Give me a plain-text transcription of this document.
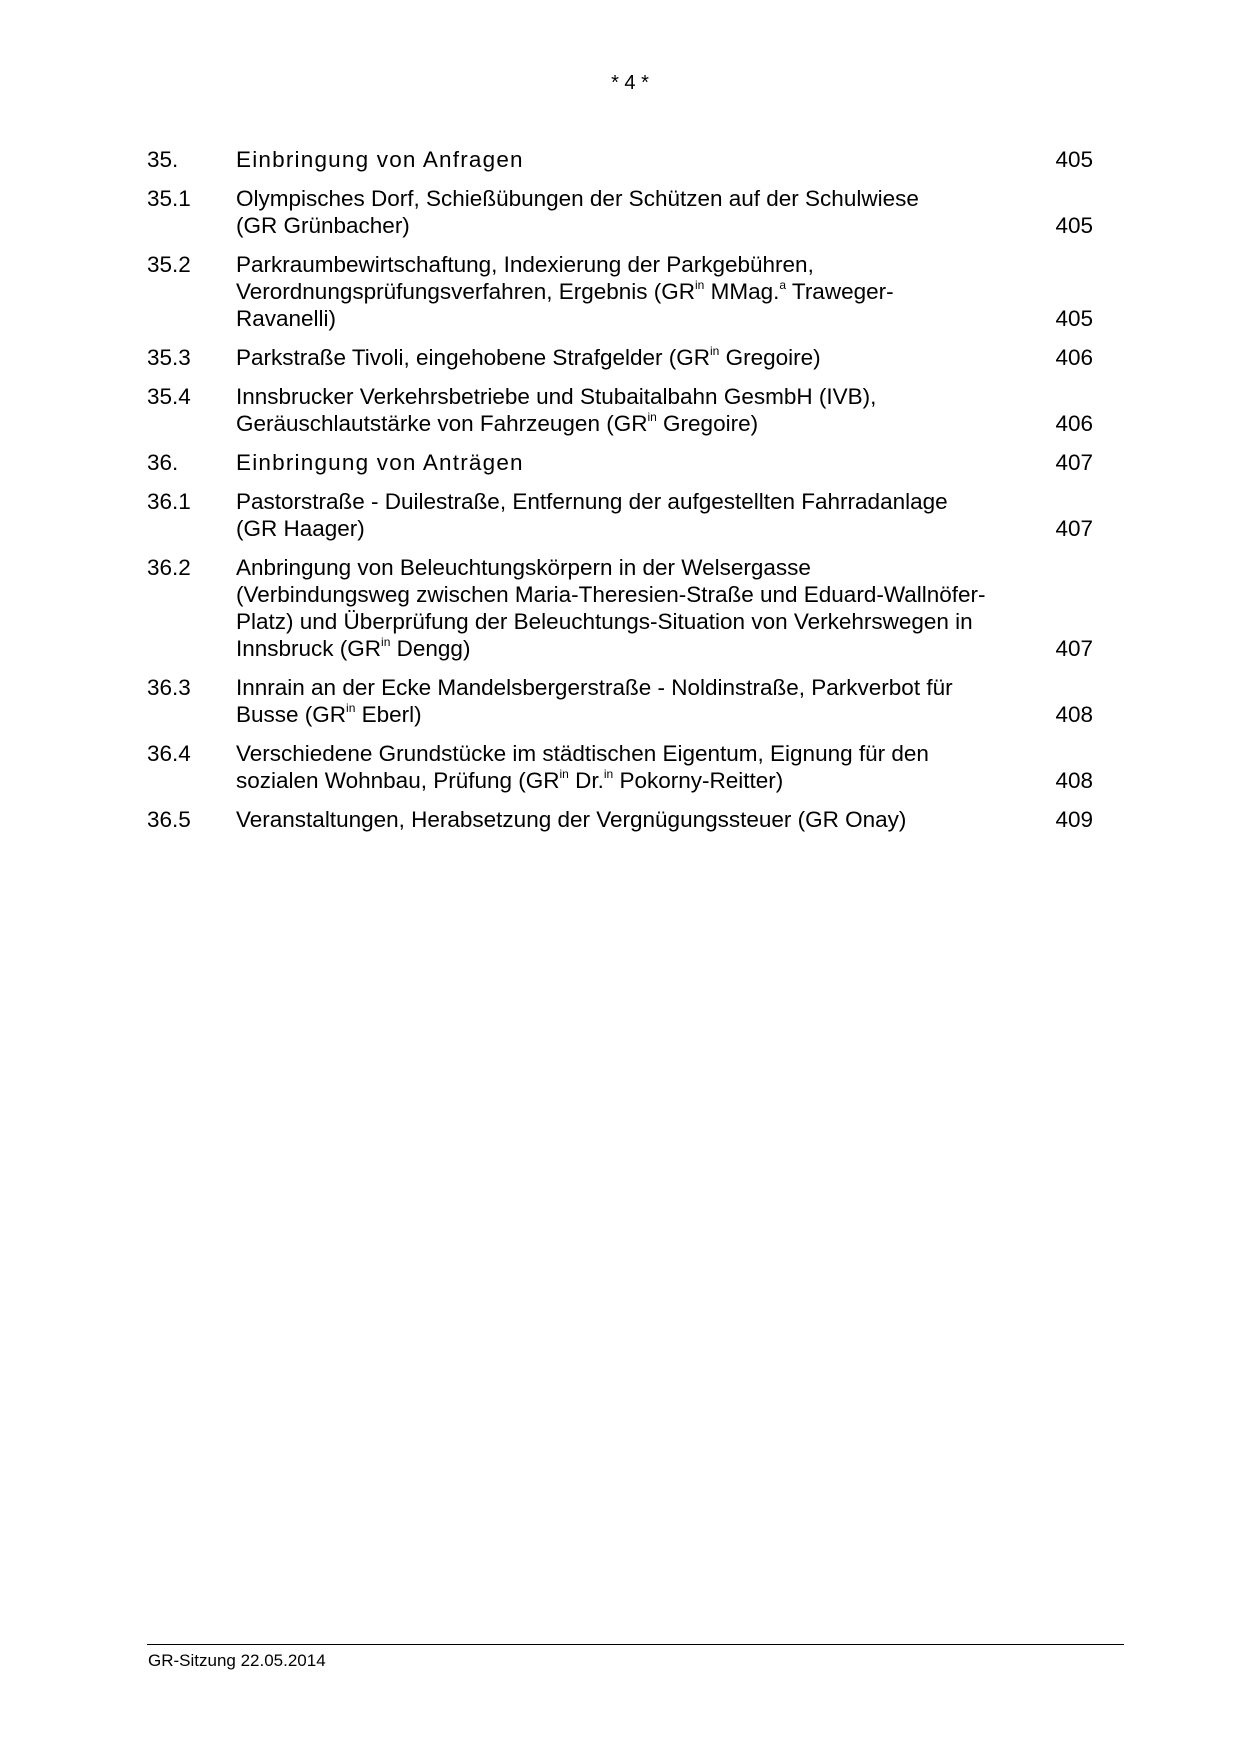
* 4 *
35.	Einbringung von Anfragen	405
35.1	Olympisches Dorf, Schießübungen der Schützen auf der Schulwiese
(GR Grünbacher)	405
35.2	Parkraumbewirtschaftung, Indexierung der Parkgebühren,
Verordnungsprüfungsverfahren, Ergebnis ($GR^{in}$ MMag.$^a$ Traweger-
Ravanelli)	405
35.3	Parkstraße Tivoli, eingehobene Strafgelder ($GR^{in}$ Gregoire)	406
35.4	Innsbrucker Verkehrsbetriebe und Stubaitalbahn GesmbH (IVB),
Geräuschlautstärke von Fahrzeugen ($GR^{in}$ Gregoire)	406
36.	Einbringung von Anträgen	407
36.1	Pastorstraße - Duilestraße, Entfernung der aufgestellten Fahrradanlage
(GR Haager)	407
36.2	Anbringung von Beleuchtungskörpern in der Welsergasse
(Verbindungsweg zwischen Maria-Theresien-Straße und Eduard-Wallnöfer-
Platz) und Überprüfung der Beleuchtungs-Situation von Verkehrswegen in
Innsbruck ($GR^{in}$ Dengg)	407
36.3	Innrain an der Ecke Mandelsbergerstraße - Noldinstraße, Parkverbot für
Busse ($GR^{in}$ Eberl)	408
36.4	Verschiedene Grundstücke im städtischen Eigentum, Eignung für den
sozialen Wohnbau, Prüfung ($GR^{in}$ Dr.$^{in}$ Pokorny-Reitter)	408
36.5	Veranstaltungen, Herabsetzung der Vergnügungssteuer (GR Onay)	409
GR-Sitzung 22.05.2014
